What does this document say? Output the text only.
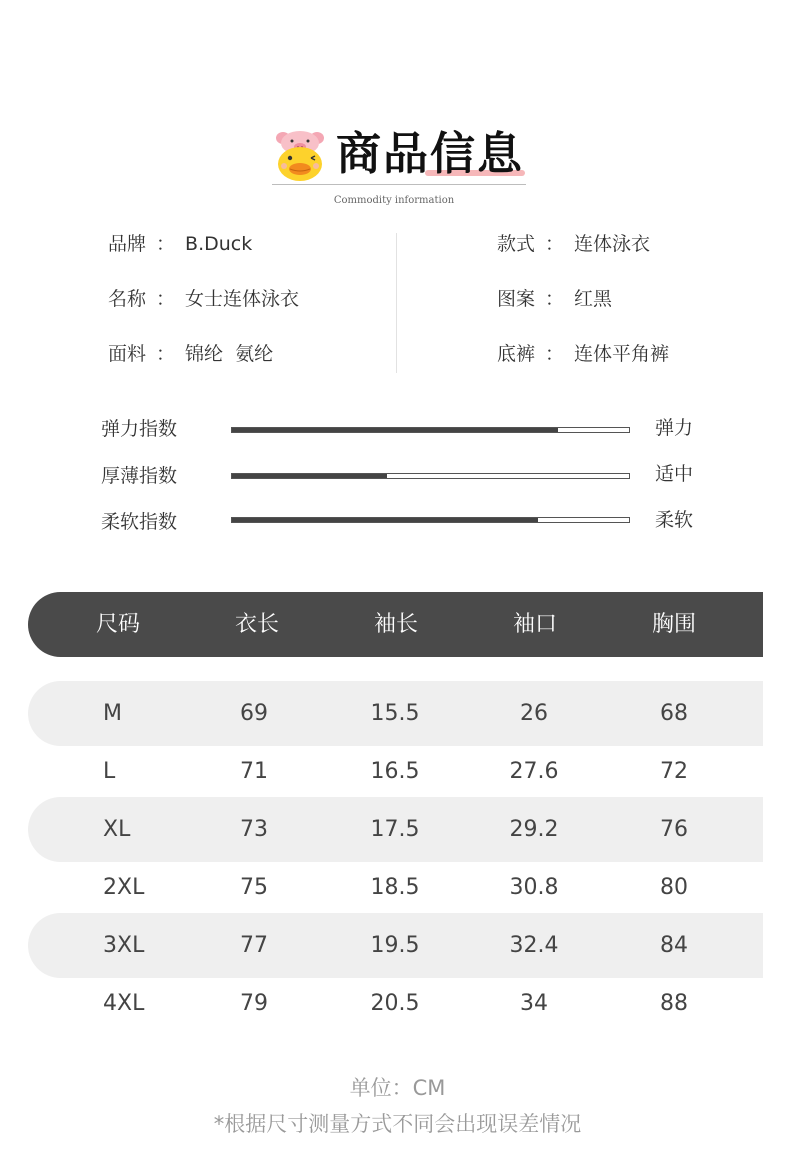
商品信息
Commodity information
品牌 ： B.Duck
名称 ： 女士连体泳衣
面料 ： 锦纶  氨纶
款式 ： 连体泳衣
图案 ： 红黑
底裤 ： 连体平角裤
弹力指数	弹力
厚薄指数	适中
柔软指数	柔软
尺码	衣长	袖长	袖口	胸围
M	69	15.5	26	68
L	71	16.5	27.6	72
XL	73	17.5	29.2	76
2XL	75	18.5	30.8	80
3XL	77	19.5	32.4	84
4XL	79	20.5	34	88
单位：CM
*根据尺寸测量方式不同会出现误差情况
